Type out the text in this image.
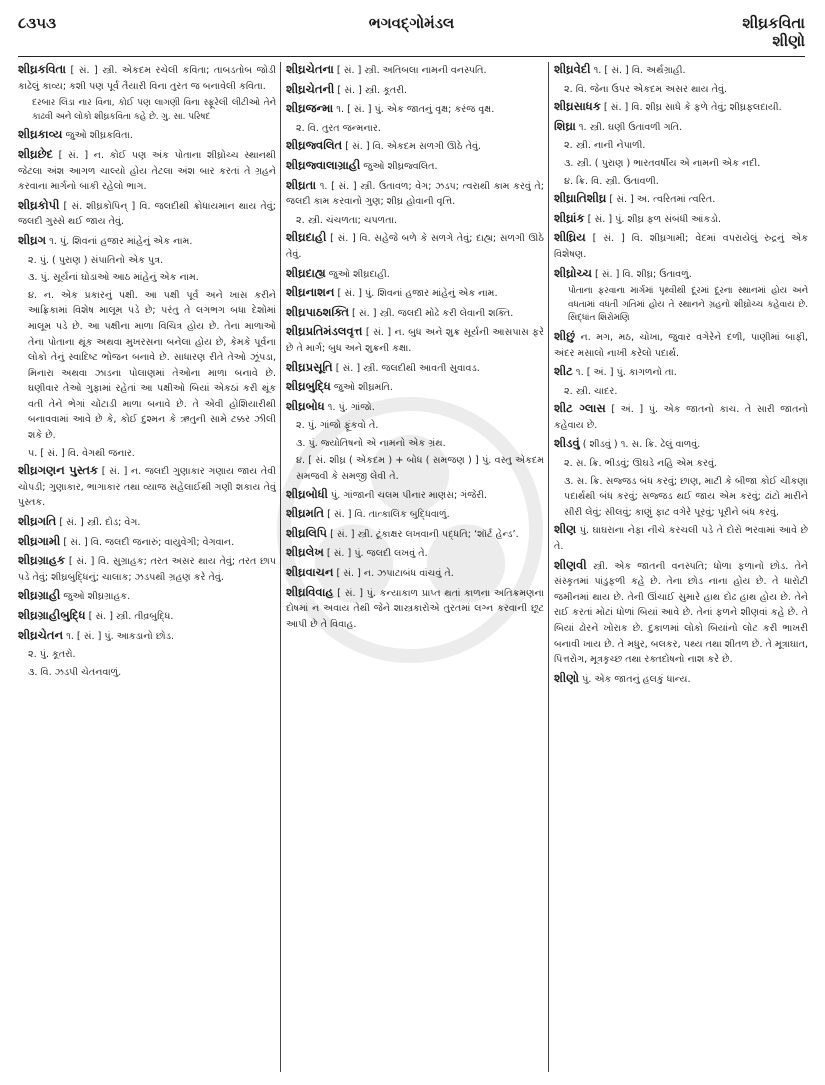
૮૩૫૩	ભગવદ્ગોમંડલ	શીઘ્રકવિતા
શીણો
શીઘ્રકવિતા [ સં. ] સ્ત્રી. એકદમ રચેલી કવિતા; તાબડતોબ જોડી કાઢેલું કાવ્ય; કશી પણ પૂર્વ તૈયારી વિના તુરત જ બનાવેલી કવિતા.
દરબાર લિંડા નાર વિના, કોઈ પણ લાગણી વિના સ્ફૂરેલી લીટીઓ તેને કાઢવી અને લોકો શીઘ્રકવિતા કહે છે. ગુ. સા. પરિષદ
શીઘ્રકાવ્ય જુઓ શીઘ્રકવિતા.
શીઘ્રછેદ [ સં. ] ન. કોઈ પણ અંક પોતાના શીઘ્રોચ્ચ સ્થાનથી જેટલા અંશ આગળ ચાલ્યો હોય તેટલા અંશ બાર કરતાં તે ગ્રહને કરવાના માર્ગનો બાકી રહેલો ભાગ.
શીઘ્રકોપી [ સં. શીઘ્રકોપિન્ ] વિ. જલદીથી ક્રોધાયમાન થાય તેવું; જલદી ગુસ્સે થઈ જાય તેવું.
શીઘ્રગ ૧. પું. શિવનાં હજાર માંહેનું એક નામ.
૨. પું. ( પુરાણ ) સંપાતિનો એક પુત્ર.
૩. પું. સૂર્યનાં ઘોડાઓ આઠ માંહેનું એક નામ.
૪. ન. એક પ્રકારનું પક્ષી. આ પક્ષી પૂર્વ અને ખાસ કરીને આફ્રિકામાં વિશેષ માલૂમ પડે છે; પરંતુ તે લગભગ બધા દેશોમાં માલૂમ પડે છે. આ પક્ષીના માળા વિચિત્ર હોય છે. તેના માળાઓ તેના પોતાના થૂંક અથવા મુખરસના બનેલા હોય છે, કેમકે પૂર્વના લોકો તેનું સ્વાદિષ્ટ ભોજન બનાવે છે. સાધારણ રીતે તેઓ ઝૂંપડા, મિનારા અથવા ઝાડના પોલાણમાં તેઓના માળા બનાવે છે. ઘણીવાર તેઓ ગુફામાં રહેતાં આ પક્ષીઓ બિયાં એકઠાં કરી થૂંક વતી તેને ભેગાં ચોંટાડી માળા બનાવે છે. તે એવી હોશિયારીથી બનાવવામાં આવે છે કે, કોઈ દુશ્મન કે ઋતુની સામે ટક્કર ઝીલી શકે છે.
૫. [ સં. ] વિ. વેગથી જનાર.
શીઘ્રગણન પુસ્તક [ સં. ] ન. જલદી ગુણાકાર ગણાય જાય તેવી ચોપડી; ગુણાકાર, ભાગાકાર તથા વ્યાજ સહેલાઈથી ગણી શકાય તેવું પુસ્તક.
શીઘ્રગતિ [ સં. ] સ્ત્રી. દોડ; વેગ.
શીઘ્રગામી [ સં. ] વિ. જલદી જનારું; વાયુવેગી; વેગવાન.
શીઘ્રગ્રાહક [ સં. ] વિ. સુગ્રાહક; તરત અસર થાય તેવું; તરત છાપ પડે તેવું; શીઘ્રબુદ્ધિનું; ચાલાક; ઝડપથી ગ્રહણ કરે તેવું.
શીઘ્રગ્રાહી જુઓ શીઘ્રગ્રાહક.
શીઘ્રગ્રાહીબુદ્ધિ [ સં. ] સ્ત્રી. તીવ્રબુદ્ધિ.
શીઘ્રચેતન ૧. [ સં. ] પું. આકડાનો છોડ.
૨. પું. કૂતરો.
૩. વિ. ઝડપી ચેતનવાળું.
શીઘ્રચેતના [ સં. ] સ્ત્રી. અતિબલા નામની વનસ્પતિ.
શીઘ્રચેતની [ સં. ] સ્ત્રી. કૂતરી.
શીઘ્રજન્મા ૧. [ સં. ] પું. એક જાતનું વૃક્ષ; કરંજ વૃક્ષ.
૨. વિ. તુરત જન્મનાર.
શીઘ્રજ્વલિત [ સં. ] વિ. એકદમ સળગી ઊઠે તેવું.
શીઘ્રજ્વાલાગ્રાહી જુઓ શીઘ્રજ્વલિત.
શીઘ્રતા ૧. [ સં. ] સ્ત્રી. ઉતાવળ; વેગ; ઝડપ; ત્વરાથી કામ કરવું તે; જલદી કામ કરવાનો ગુણ; શીઘ્ર હોવાની વૃત્તિ.
૨. સ્ત્રી. ચંચળતા; ચપળતા.
શીઘ્રદાહી [ સં. ] વિ. સહેજે બળે કે સળગે તેવું; દાહ્ય; સળગી ઊઠે તેવું.
શીઘ્રદાહ્ય જુઓ શીઘ્રદાહી.
શીઘ્રનાશન [ સં. ] પું. શિવનાં હજાર માંહેનું એક નામ.
શીઘ્રપાઠશક્તિ [ સં. ] સ્ત્રી. જલદી મોઢે કરી લેવાની શક્તિ.
શીઘ્રપ્રતિમંડલવૃત્ત [ સં. ] ન. બુધ અને શુક્ર સૂર્યની આસપાસ ફરે છે તે માર્ગ; બુધ અને શુક્રની કક્ષા.
શીઘ્રપ્રસૂતિ [ સં. ] સ્ત્રી. જલદીથી આવતી સુવાવડ.
શીઘ્રબુદ્ધિ જુઓ શીઘ્રમતિ.
શીઘ્રબોધ ૧. પું. ગાંજો.
૨. પું. ગાંજો ફૂંકવો તે.
૩. પું. જ્યોતિષનો એ નામનો એક ગ્રંથ.
૪. [ સં. શીઘ્ર ( એકદમ ) + બોધ ( સમજણ ) ] પું. વસ્તુ એકદમ સમજવી કે સમજી લેવી તે.
શીઘ્રબોધી પું. ગાંજાની ચલમ પીનાર માણસ; ગંજેરી.
શીઘ્રમતિ [ સં. ] વિ. તાત્કાલિક બુદ્ધિવાળું.
શીઘ્રલિપિ [ સં. ] સ્ત્રી. ટૂંકાક્ષર લખવાની પદ્ધતિ; ‘શૉર્ટ હેન્ડ’.
શીઘ્રલેખ [ સં. ] પું. જલદી લખવું તે.
શીઘ્રવાચન [ સં. ] ન. ઝપાટાબંધ વાંચવું તે.
શીઘ્રવિવાહ [ સં. ] પું. કન્યાકાળ પ્રાપ્ત થતાં કાળના અતિક્રમણના દોષમાં ન અવાય તેથી જેને શાસ્ત્રકારોએ તુરતમાં લગ્ન કરવાની છૂટ આપી છે તે વિવાહ.
શીઘ્રવેદી ૧. [ સં. ] વિ. અર્થગ્રાહી.
૨. વિ. જેના ઉપર એકદમ અસર થાય તેવું.
શીઘ્રસાધક [ સં. ] વિ. શીઘ્ર સાધે કે ફળે તેવું; શીઘ્રફલદાયી.
શિઘ્રા ૧. સ્ત્રી. ઘણી ઉતાવળી ગતિ.
૨. સ્ત્રી. નાની નેપાળી.
૩. સ્ત્રી. ( પુરાણ ) ભારતવર્ષીય એ નામની એક નદી.
૪. ક્રિ. વિ. સ્ત્રી. ઉતાવળી.
શીઘ્રાતિશીઘ્ર [ સં. ] અ. ત્વરિતમાં ત્વરિત.
શીઘ્રાંક [ સં. ] પું. શીઘ્ર ફળ સંબંધી આંકડો.
શીઘ્રિય [ સં. ] વિ. શીઘ્રગામી; વેદમાં વપરાયેલું રુદ્રનું એક વિશેષણ.
શીઘ્રોચ્ચ [ સં. ] વિ. શીઘ્ર; ઉતાવળું.
પોતાના ફરવાના માર્ગમાં પૃથ્વીથી દૂરમાં દૂરના સ્થાનમાં હોય અને વધતામાં વધતી ગતિમાં હોય તે સ્થાનને ગ્રહનો શીઘ્રોચ્ચ કહેવાય છે. સિદ્ધાંત શિરોમણિ
શીછું ન. મગ, મઠ, ચોખા, જુવાર વગેરેને દળી, પાણીમાં બાફી, અંદર મસાલો નાખી કરેલો પદાર્થ.
શીટ ૧. [ અં. ] પું. કાગળનો તા.
૨. સ્ત્રી. ચાદર.
શીટ ગ્લાસ [ અં. ] પું. એક જાતનો કાચ. તે સારી જાતનો કહેવાય છે.
શીડવું ( શીડવું ) ૧. સ. ક્રિ. ઢેલું વાળવું.
૨. સ. ક્રિ. ભીડવું; ઊઘડે નહિ એમ કરવું.
૩. સ. ક્રિ. સજ્જડ બંધ કરવું; છાણ, માટી કે બીજા કોઈ ચીકણા પદાર્થથી બંધ કરવું; સજ્જડ થઈ જાય એમ કરવું; ઢાંટો મારીને સીરી લેવું; સીલવું; કાણું ફાટ વગેરે પૂરવું; પૂરીને બંધ કરવું.
શીણ પું. ઘાઘરાના નેફા નીચે કરચલી પડે તે દોરો ભરવામાં આવે છે તે.
શીણવી સ્ત્રી. એક જાતની વનસ્પતિ; ધોળા ફળાનો છોડ. તેને સંસ્કૃતમાં પાંડુફળી કહે છે. તેના છોડ નાના હોય છે. તે ધારોટી જમીનમાં થાય છે. તેની ઊંચાઈ સુમારે હાથ દોઢ હાથ હોય છે. તેને રાઈ કરતાં મોટાં ધોળાં બિયાં આવે છે. તેનાં ફળને શીણવાં કહે છે. તે બિયાં ઢોરને ખોરાક છે. દુકાળમાં લોકો બિયાંનો લોટ કરી ભાખરી બનાવી ખાય છે. તે મધુર, બલકર, પથ્ય તથા શીતળ છે. તે મૂત્રાઘાત, પિત્તરોગ, મૂત્રકૃચ્છ તથા રક્તદોષનો નાશ કરે છે.
શીણો પું. એક જાતનું હલકું ધાન્ય.
